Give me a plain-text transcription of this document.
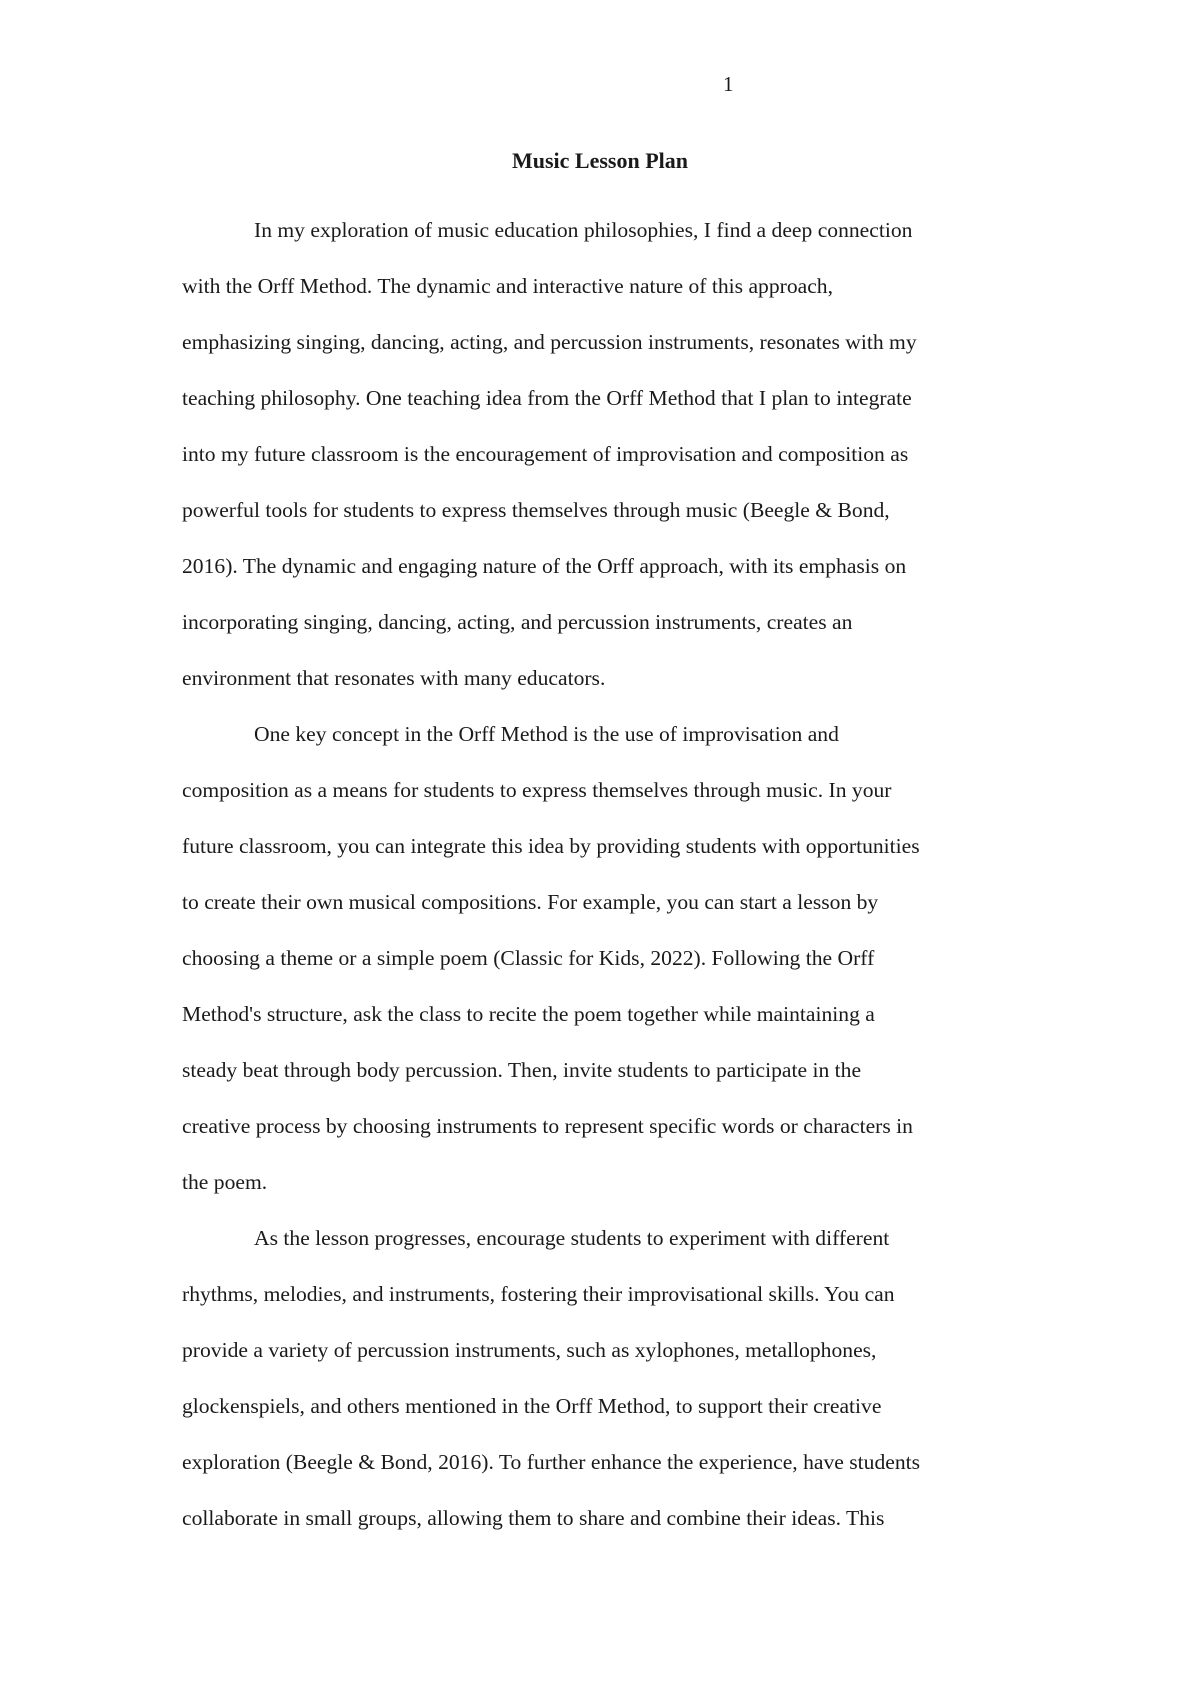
1
Music Lesson Plan

In my exploration of music education philosophies, I find a deep connection
with the Orff Method. The dynamic and interactive nature of this approach,
emphasizing singing, dancing, acting, and percussion instruments, resonates with my
teaching philosophy. One teaching idea from the Orff Method that I plan to integrate
into my future classroom is the encouragement of improvisation and composition as
powerful tools for students to express themselves through music (Beegle & Bond,
2016). The dynamic and engaging nature of the Orff approach, with its emphasis on
incorporating singing, dancing, acting, and percussion instruments, creates an
environment that resonates with many educators.

One key concept in the Orff Method is the use of improvisation and
composition as a means for students to express themselves through music. In your
future classroom, you can integrate this idea by providing students with opportunities
to create their own musical compositions. For example, you can start a lesson by
choosing a theme or a simple poem (Classic for Kids, 2022). Following the Orff
Method's structure, ask the class to recite the poem together while maintaining a
steady beat through body percussion. Then, invite students to participate in the
creative process by choosing instruments to represent specific words or characters in
the poem.

As the lesson progresses, encourage students to experiment with different
rhythms, melodies, and instruments, fostering their improvisational skills. You can
provide a variety of percussion instruments, such as xylophones, metallophones,
glockenspiels, and others mentioned in the Orff Method, to support their creative
exploration (Beegle & Bond, 2016). To further enhance the experience, have students
collaborate in small groups, allowing them to share and combine their ideas. This
